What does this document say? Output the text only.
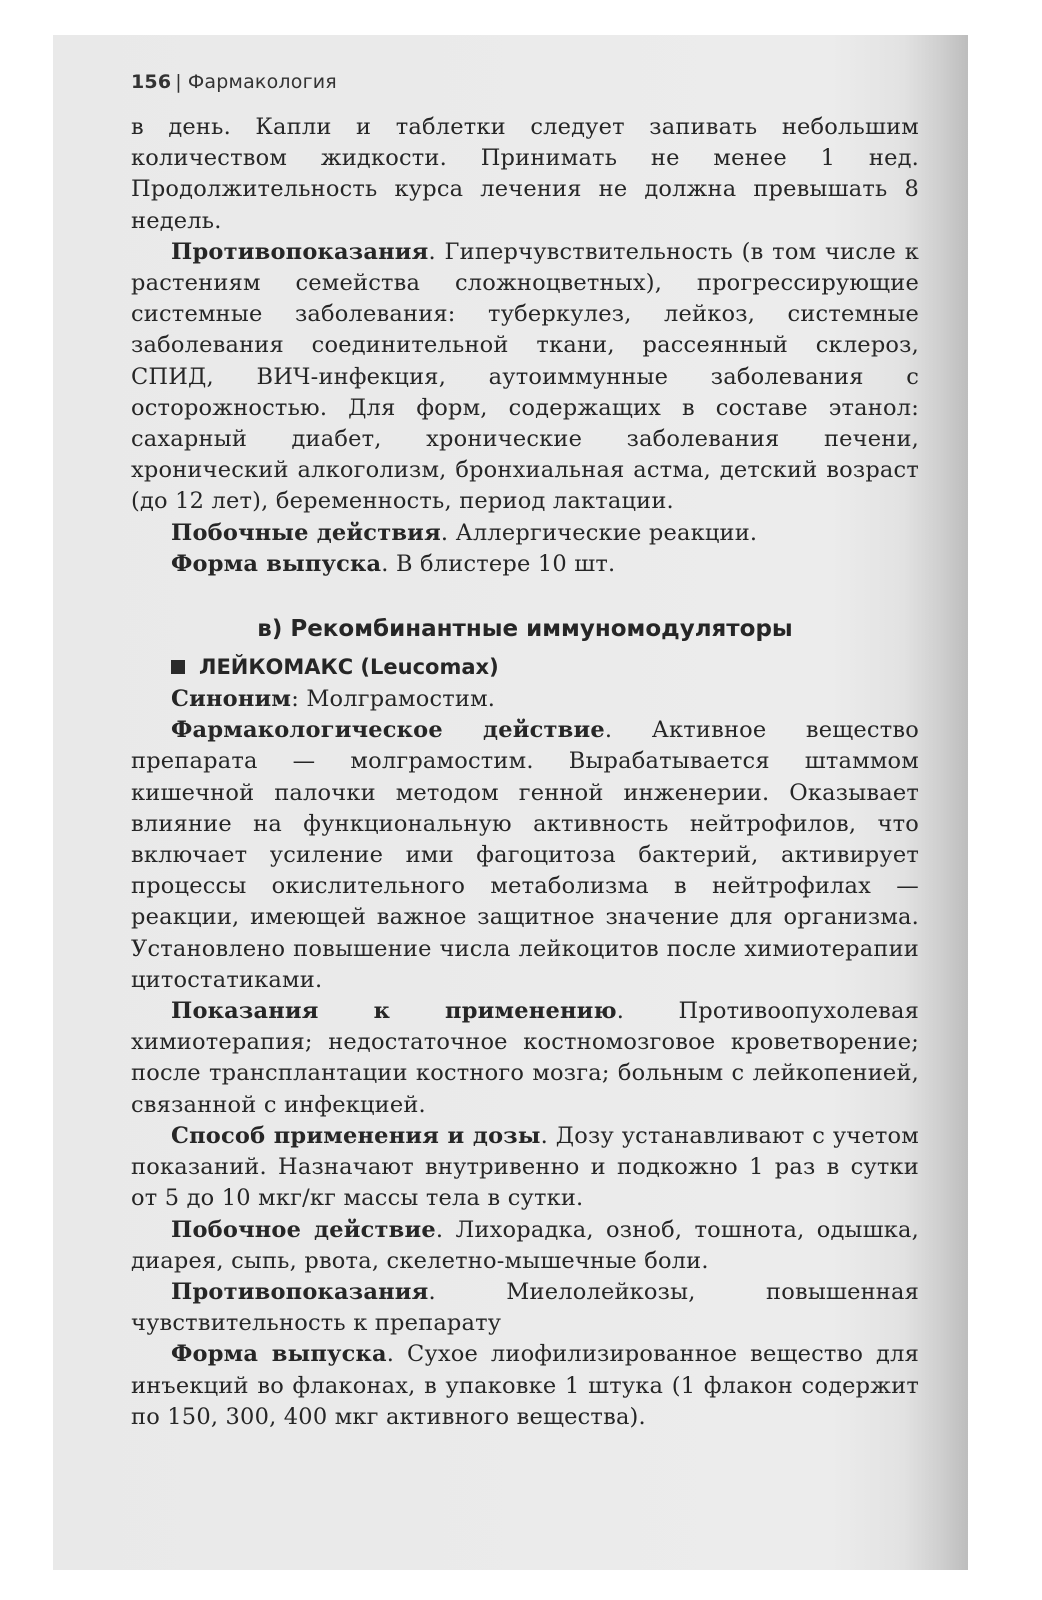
156 | Фармакология

в день. Капли и таблетки следует запивать небольшим количеством жидкости. Принимать не менее 1 нед. Продолжительность курса лечения не должна превышать 8 недель.

Противопоказания. Гиперчувствительность (в том числе к растениям семейства сложноцветных), прогрессирующие системные заболевания: туберкулез, лейкоз, системные заболевания соединительной ткани, рассеянный склероз, СПИД, ВИЧ-инфекция, аутоиммунные заболевания с осторожностью. Для форм, содержащих в составе этанол: сахарный диабет, хронические заболевания печени, хронический алкоголизм, бронхиальная астма, детский возраст (до 12 лет), беременность, период лактации.

Побочные действия. Аллергические реакции.

Форма выпуска. В блистере 10 шт.

в) Рекомбинантные иммуномодуляторы
ЛЕЙКОМАКС (Leucomax)

Синоним: Молграмостим.

Фармакологическое действие. Активное вещество препарата — молграмостим. Вырабатывается штаммом кишечной палочки методом генной инженерии. Оказывает влияние на функциональную активность нейтрофилов, что включает усиление ими фагоцитоза бактерий, активирует процессы окислительного метаболизма в нейтрофилах — реакции, имеющей важное защитное значение для организма. Установлено повышение числа лейкоцитов после химиотерапии цитостатиками.

Показания к применению. Противоопухолевая химиотерапия; недостаточное костномозговое кроветворение; после трансплантации костного мозга; больным с лейкопенией, связанной с инфекцией.

Способ применения и дозы. Дозу устанавливают с учетом показаний. Назначают внутривенно и подкожно 1 раз в сутки от 5 до 10 мкг/кг массы тела в сутки.

Побочное действие. Лихорадка, озноб, тошнота, одышка, диарея, сыпь, рвота, скелетно-мышечные боли.

Противопоказания. Миелолейкозы, повышенная чувствительность к препарату

Форма выпуска. Сухое лиофилизированное вещество для инъекций во флаконах, в упаковке 1 штука (1 флакон содержит по 150, 300, 400 мкг активного вещества).
